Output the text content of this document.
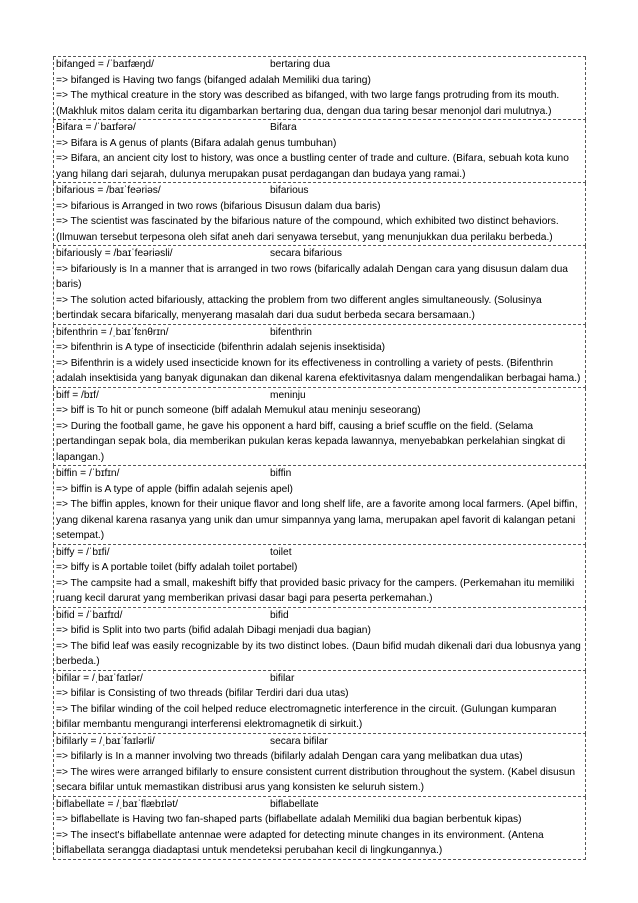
bifanged = /ˈbaɪfæŋd/	bertaring dua
=> bifanged is Having two fangs (bifanged adalah Memiliki dua taring)
=> The mythical creature in the story was described as bifanged, with two large fangs protruding from its mouth. (Makhluk mitos dalam cerita itu digambarkan bertaring dua, dengan dua taring besar menonjol dari mulutnya.)
Bifara = /ˈbaɪfərə/	Bifara
=> Bifara is A genus of plants (Bifara adalah genus tumbuhan)
=> Bifara, an ancient city lost to history, was once a bustling center of trade and culture. (Bifara, sebuah kota kuno yang hilang dari sejarah, dulunya merupakan pusat perdagangan dan budaya yang ramai.)
bifarious = /baɪˈfeəriəs/	bifarious
=> bifarious is Arranged in two rows (bifarious Disusun dalam dua baris)
=> The scientist was fascinated by the bifarious nature of the compound, which exhibited two distinct behaviors. (Ilmuwan tersebut terpesona oleh sifat aneh dari senyawa tersebut, yang menunjukkan dua perilaku berbeda.)
bifariously = /baɪˈfeəriəsli/	secara bifarious
=> bifariously is In a manner that is arranged in two rows (bifarically adalah Dengan cara yang disusun dalam dua baris)
=> The solution acted bifariously, attacking the problem from two different angles simultaneously. (Solusinya bertindak secara bifarically, menyerang masalah dari dua sudut berbeda secara bersamaan.)
bifenthrin = /ˌbaɪˈfɛnθrɪn/	bifenthrin
=> bifenthrin is A type of insecticide (bifenthrin adalah sejenis insektisida)
=> Bifenthrin is a widely used insecticide known for its effectiveness in controlling a variety of pests. (Bifenthrin adalah insektisida yang banyak digunakan dan dikenal karena efektivitasnya dalam mengendalikan berbagai hama.)
biff = /bɪf/	meninju
=> biff is To hit or punch someone (biff adalah Memukul atau meninju seseorang)
=> During the football game, he gave his opponent a hard biff, causing a brief scuffle on the field. (Selama pertandingan sepak bola, dia memberikan pukulan keras kepada lawannya, menyebabkan perkelahian singkat di lapangan.)
biffin = /ˈbɪfɪn/	biffin
=> biffin is A type of apple (biffin adalah sejenis apel)
=> The biffin apples, known for their unique flavor and long shelf life, are a favorite among local farmers. (Apel biffin, yang dikenal karena rasanya yang unik dan umur simpannya yang lama, merupakan apel favorit di kalangan petani setempat.)
biffy = /ˈbɪfi/	toilet
=> biffy is A portable toilet (biffy adalah toilet portabel)
=> The campsite had a small, makeshift biffy that provided basic privacy for the campers. (Perkemahan itu memiliki ruang kecil darurat yang memberikan privasi dasar bagi para peserta perkemahan.)
bifid = /ˈbaɪfɪd/	bifid
=> bifid is Split into two parts (bifid adalah Dibagi menjadi dua bagian)
=> The bifid leaf was easily recognizable by its two distinct lobes. (Daun bifid mudah dikenali dari dua lobusnya yang berbeda.)
bifilar = /ˌbaɪˈfaɪlər/	bifilar
=> bifilar is Consisting of two threads (bifilar Terdiri dari dua utas)
=> The bifilar winding of the coil helped reduce electromagnetic interference in the circuit. (Gulungan kumparan bifilar membantu mengurangi interferensi elektromagnetik di sirkuit.)
bifilarly = /ˌbaɪˈfaɪlərli/	secara bifilar
=> bifilarly is In a manner involving two threads (bifilarly adalah Dengan cara yang melibatkan dua utas)
=> The wires were arranged bifilarly to ensure consistent current distribution throughout the system. (Kabel disusun secara bifilar untuk memastikan distribusi arus yang konsisten ke seluruh sistem.)
biflabellate = /ˌbaɪˈflæbɪlət/	biflabellate
=> biflabellate is Having two fan-shaped parts (biflabellate adalah Memiliki dua bagian berbentuk kipas)
=> The insect's biflabellate antennae were adapted for detecting minute changes in its environment. (Antena biflabellata serangga diadaptasi untuk mendeteksi perubahan kecil di lingkungannya.)
